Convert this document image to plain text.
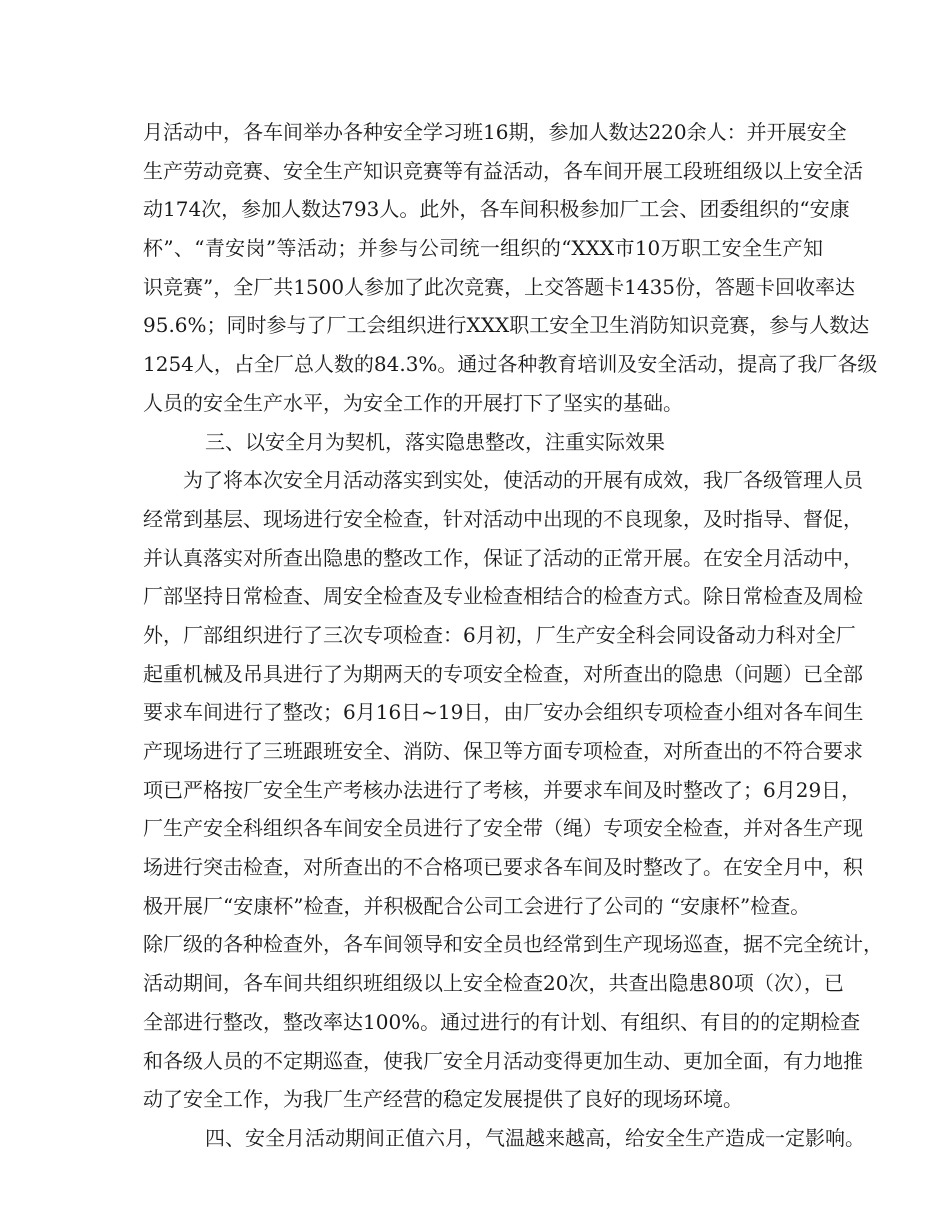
月活动中，各车间举办各种安全学习班16期，参加人数达220余人：并开展安全
生产劳动竞赛、安全生产知识竞赛等有益活动，各车间开展工段班组级以上安全活
动174次，参加人数达793人。此外，各车间积极参加厂工会、团委组织的“安康
杯”、“青安岗”等活动；并参与公司统一组织的“XXX市10万职工安全生产知
识竞赛”，全厂共1500人参加了此次竞赛，上交答题卡1435份，答题卡回收率达
95.6%；同时参与了厂工会组织进行XXX职工安全卫生消防知识竞赛，参与人数达
1254人，占全厂总人数的84.3%。通过各种教育培训及安全活动，提高了我厂各级
人员的安全生产水平，为安全工作的开展打下了坚实的基础。
三、以安全月为契机，落实隐患整改，注重实际效果
为了将本次安全月活动落实到实处，使活动的开展有成效，我厂各级管理人员
经常到基层、现场进行安全检查，针对活动中出现的不良现象，及时指导、督促，
并认真落实对所查出隐患的整改工作，保证了活动的正常开展。在安全月活动中，
厂部坚持日常检查、周安全检查及专业检查相结合的检查方式。除日常检查及周检
外，厂部组织进行了三次专项检查：6月初，厂生产安全科会同设备动力科对全厂
起重机械及吊具进行了为期两天的专项安全检查，对所查出的隐患（问题）已全部
要求车间进行了整改；6月16日~19日，由厂安办会组织专项检查小组对各车间生
产现场进行了三班跟班安全、消防、保卫等方面专项检查，对所查出的不符合要求
项已严格按厂安全生产考核办法进行了考核，并要求车间及时整改了；6月29日，
厂生产安全科组织各车间安全员进行了安全带（绳）专项安全检查，并对各生产现
场进行突击检查，对所查出的不合格项已要求各车间及时整改了。在安全月中，积
极开展厂“安康杯”检查，并积极配合公司工会进行了公司的 “安康杯”检查。
除厂级的各种检查外，各车间领导和安全员也经常到生产现场巡查，据不完全统计，
活动期间，各车间共组织班组级以上安全检查20次，共查出隐患80项（次），已
全部进行整改，整改率达100%。通过进行的有计划、有组织、有目的的定期检查
和各级人员的不定期巡查，使我厂安全月活动变得更加生动、更加全面，有力地推
动了安全工作，为我厂生产经营的稳定发展提供了良好的现场环境。
四、安全月活动期间正值六月，气温越来越高，给安全生产造成一定影响。
